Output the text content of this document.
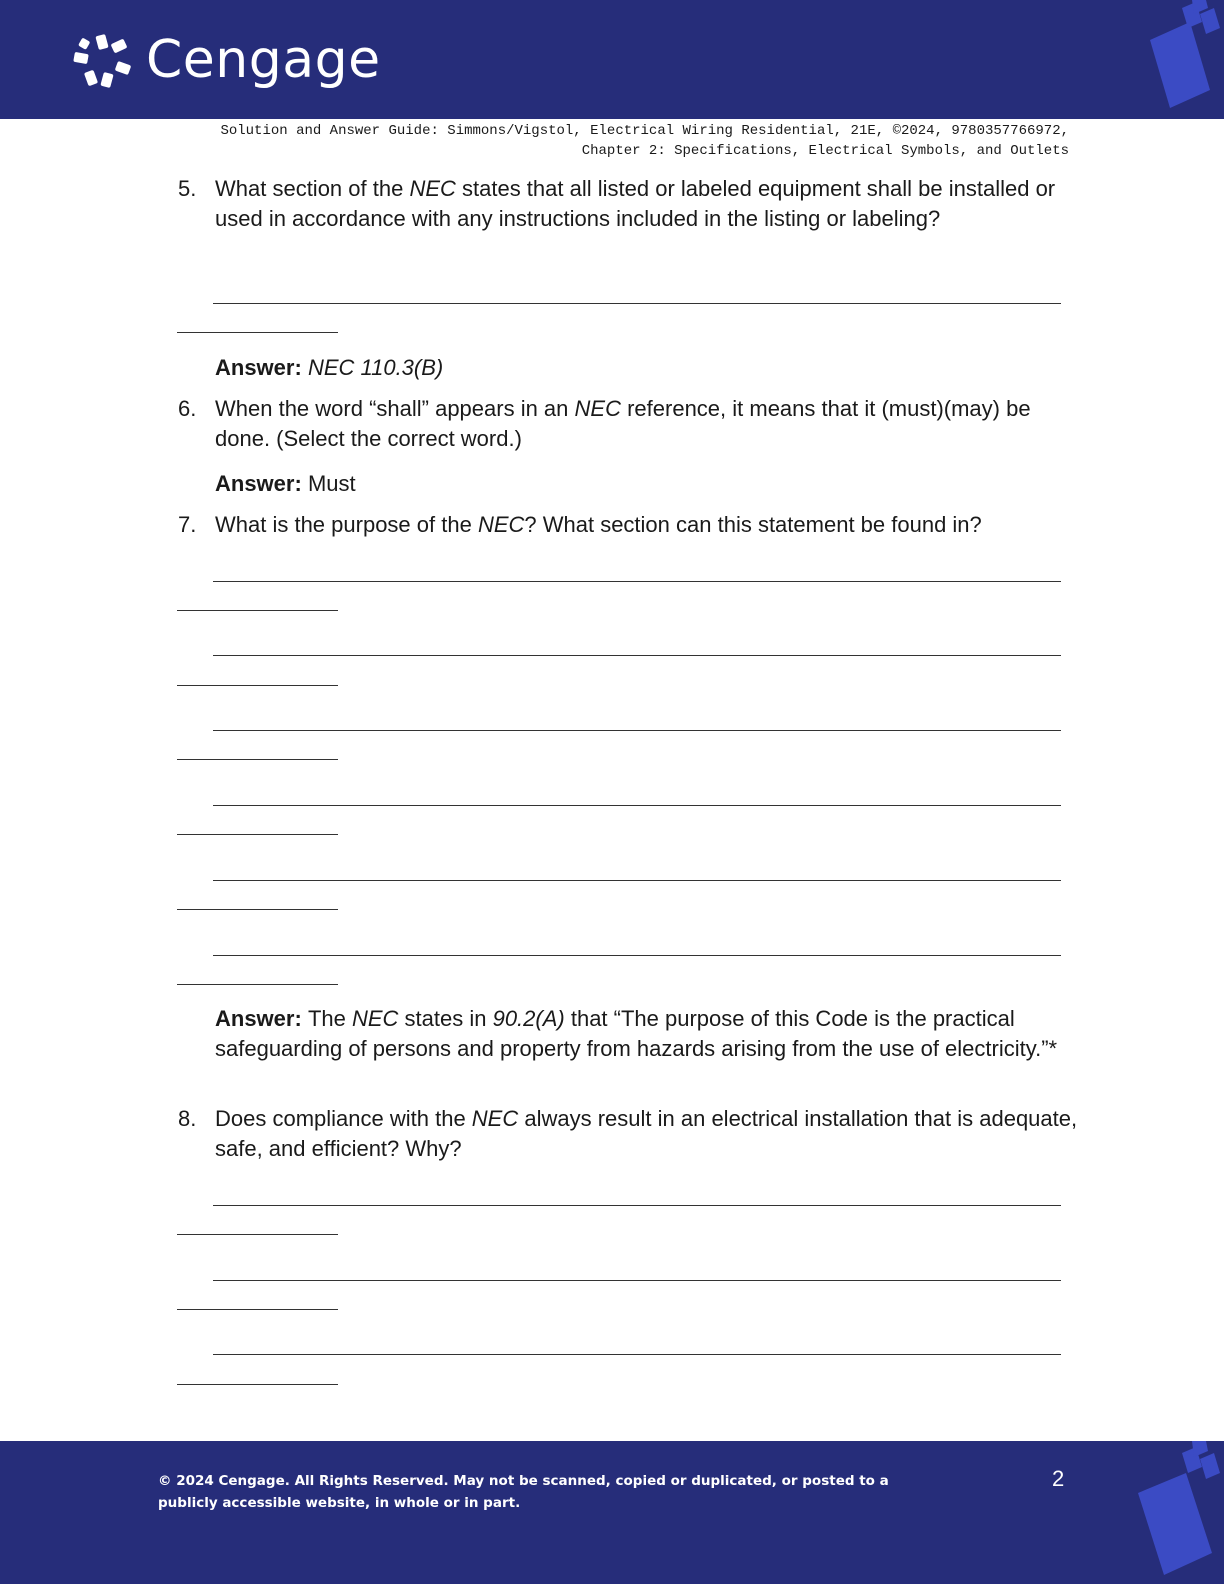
Cengage
Solution and Answer Guide: Simmons/Vigstol, Electrical Wiring Residential, 21E, ©2024, 9780357766972,
Chapter 2: Specifications, Electrical Symbols, and Outlets
5. What section of the NEC states that all listed or labeled equipment shall be installed or used in accordance with any instructions included in the listing or labeling?
Answer: NEC 110.3(B)
6. When the word “shall” appears in an NEC reference, it means that it (must)(may) be done. (Select the correct word.)
Answer: Must
7. What is the purpose of the NEC? What section can this statement be found in?
Answer: The NEC states in 90.2(A) that “The purpose of this Code is the practical safeguarding of persons and property from hazards arising from the use of electricity.”*
8. Does compliance with the NEC always result in an electrical installation that is adequate, safe, and efficient? Why?
© 2024 Cengage. All Rights Reserved. May not be scanned, copied or duplicated, or posted to a publicly accessible website, in whole or in part.
2
